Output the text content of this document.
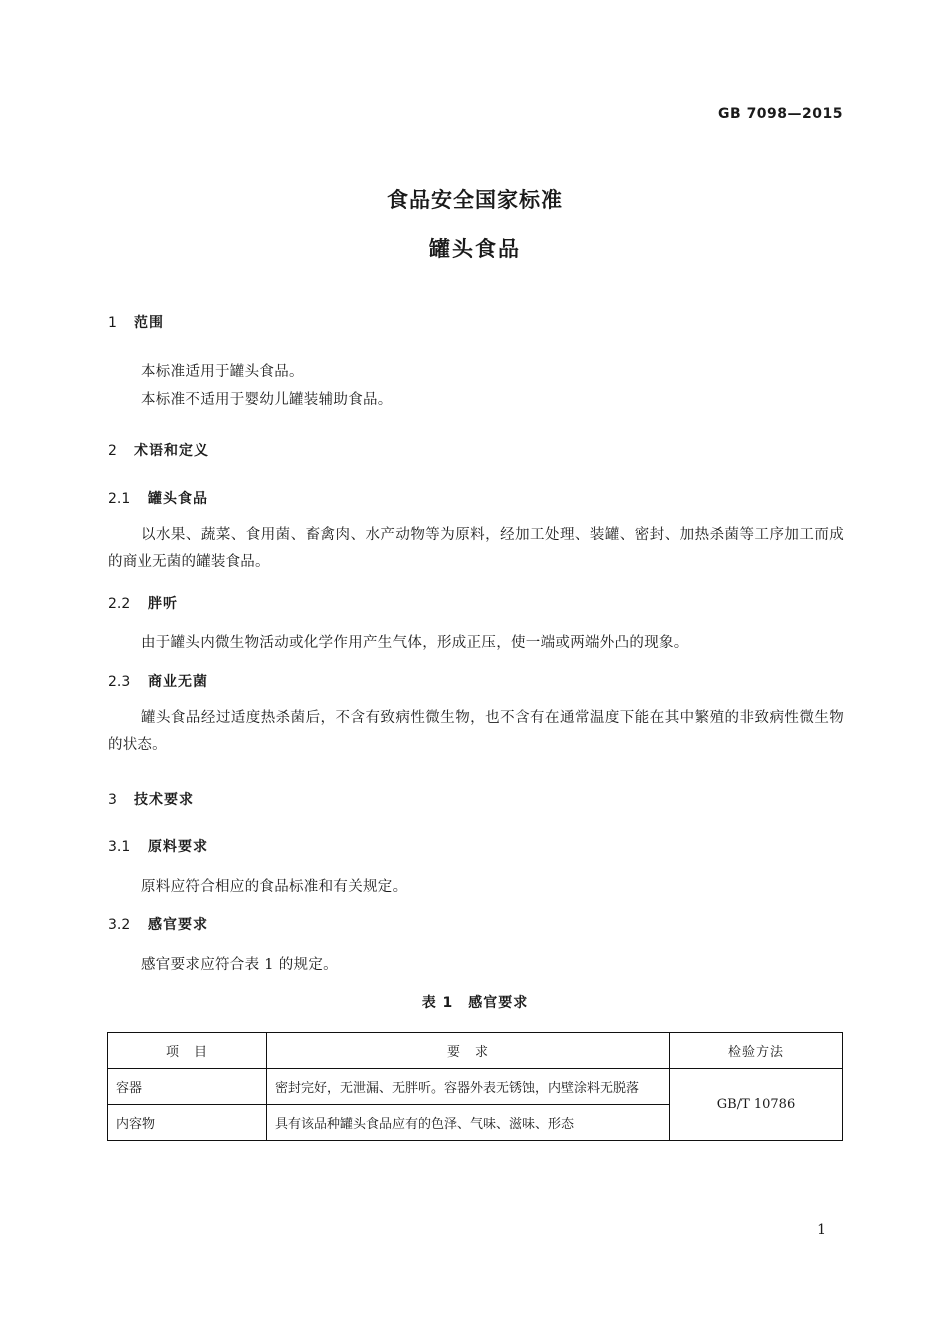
GB 7098—2015
食品安全国家标准
罐头食品
1 范围
本标准适用于罐头食品。
本标准不适用于婴幼儿罐装辅助食品。
2 术语和定义
2.1 罐头食品
以水果、蔬菜、食用菌、畜禽肉、水产动物等为原料，经加工处理、装罐、密封、加热杀菌等工序加工而成的商业无菌的罐装食品。
2.2 胖听
由于罐头内微生物活动或化学作用产生气体，形成正压，使一端或两端外凸的现象。
2.3 商业无菌
罐头食品经过适度热杀菌后，不含有致病性微生物，也不含有在通常温度下能在其中繁殖的非致病性微生物的状态。
3 技术要求
3.1 原料要求
原料应符合相应的食品标准和有关规定。
3.2 感官要求
感官要求应符合表 1 的规定。
表 1　感官要求
项　目	要　求	检验方法
容器	密封完好，无泄漏、无胖听。容器外表无锈蚀，内壁涂料无脱落	GB/T 10786
内容物	具有该品种罐头食品应有的色泽、气味、滋味、形态	
1
